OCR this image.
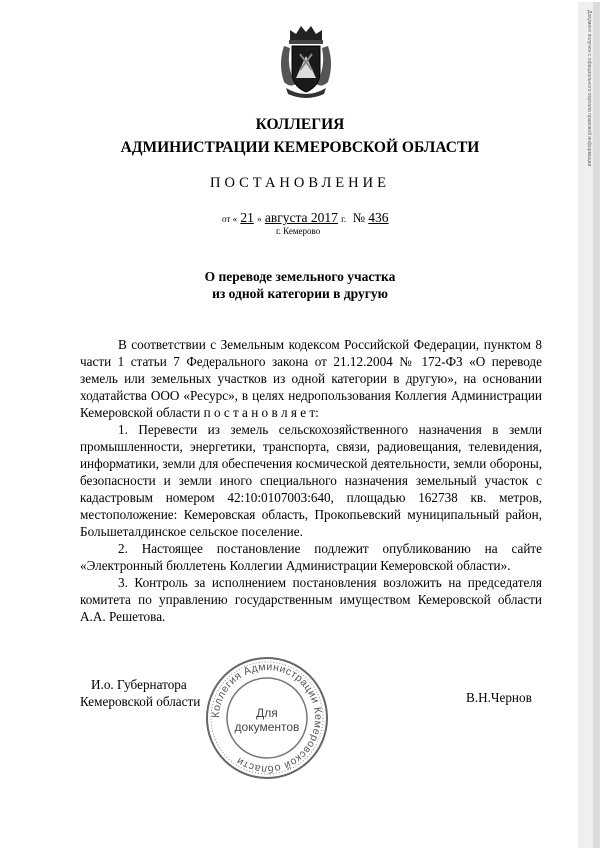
Документ получен с официального портала правовой информации
КОЛЛЕГИЯ
АДМИНИСТРАЦИИ КЕМЕРОВСКОЙ ОБЛАСТИ
ПОСТАНОВЛЕНИЕ
от « 21 » августа 2017 г. № 436
г. Кемерово
О переводе земельного участка
из одной категории в другую

В соответствии с Земельным кодексом Российской Федерации, пунктом 8 части 1 статьи 7 Федерального закона от 21.12.2004 № 172-ФЗ «О переводе земель или земельных участков из одной категории в другую», на основании ходатайства ООО «Ресурс», в целях недропользования Коллегия Администрации Кемеровской области п о с т а н о в л я е т:

1. Перевести из земель сельскохозяйственного назначения в земли промышленности, энергетики, транспорта, связи, радиовещания, телевидения, информатики, земли для обеспечения космической деятельности, земли обороны, безопасности и земли иного специального назначения земельный участок с кадастровым номером 42:10:0107003:640, площадью 162738 кв. метров, местоположение: Кемеровская область, Прокопьевский муниципальный район, Большеталдинское сельское поселение.

2. Настоящее постановление подлежит опубликованию на сайте «Электронный бюллетень Коллегии Администрации Кемеровской области».

3. Контроль за исполнением постановления возложить на председателя комитета по управлению государственным имуществом Кемеровской области А.А. Решетова.

И.о. Губернатора
Кемеровской области	В.Н.Чернов
Коллегия Администрации Кемеровской области
Для
документов
